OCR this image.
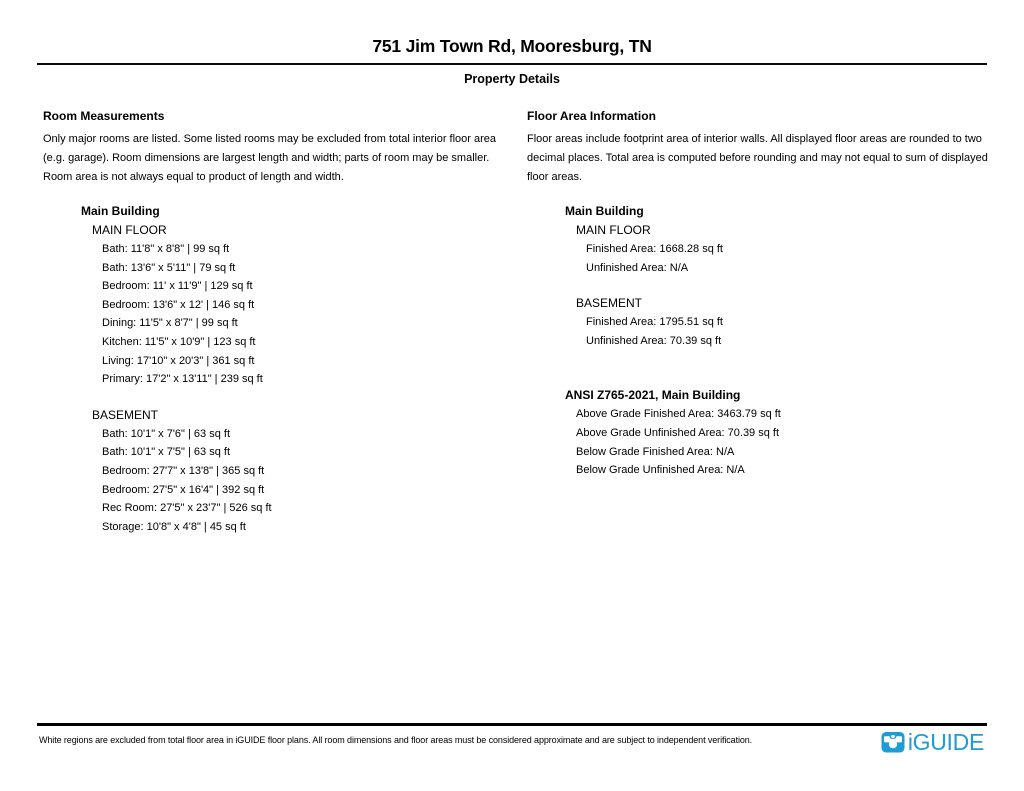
751 Jim Town Rd, Mooresburg, TN
Property Details
Room Measurements
Only major rooms are listed. Some listed rooms may be excluded from total interior floor area (e.g. garage). Room dimensions are largest length and width; parts of room may be smaller. Room area is not always equal to product of length and width.
Main Building
MAIN FLOOR
Bath: 11'8" x 8'8" | 99 sq ft
Bath: 13'6" x 5'11" | 79 sq ft
Bedroom: 11' x 11'9" | 129 sq ft
Bedroom: 13'6" x 12' | 146 sq ft
Dining: 11'5" x 8'7" | 99 sq ft
Kitchen: 11'5" x 10'9" | 123 sq ft
Living: 17'10" x 20'3" | 361 sq ft
Primary: 17'2" x 13'11" | 239 sq ft
BASEMENT
Bath: 10'1" x 7'6" | 63 sq ft
Bath: 10'1" x 7'5" | 63 sq ft
Bedroom: 27'7" x 13'8" | 365 sq ft
Bedroom: 27'5" x 16'4" | 392 sq ft
Rec Room: 27'5" x 23'7" | 526 sq ft
Storage: 10'8" x 4'8" | 45 sq ft
Floor Area Information
Floor areas include footprint area of interior walls. All displayed floor areas are rounded to two decimal places. Total area is computed before rounding and may not equal to sum of displayed floor areas.
Main Building
MAIN FLOOR
Finished Area: 1668.28 sq ft
Unfinished Area: N/A
BASEMENT
Finished Area: 1795.51 sq ft
Unfinished Area: 70.39 sq ft
ANSI Z765-2021, Main Building
Above Grade Finished Area: 3463.79 sq ft
Above Grade Unfinished Area: 70.39 sq ft
Below Grade Finished Area: N/A
Below Grade Unfinished Area: N/A
White regions are excluded from total floor area in iGUIDE floor plans. All room dimensions and floor areas must be considered approximate and are subject to independent verification.	iGUIDE
